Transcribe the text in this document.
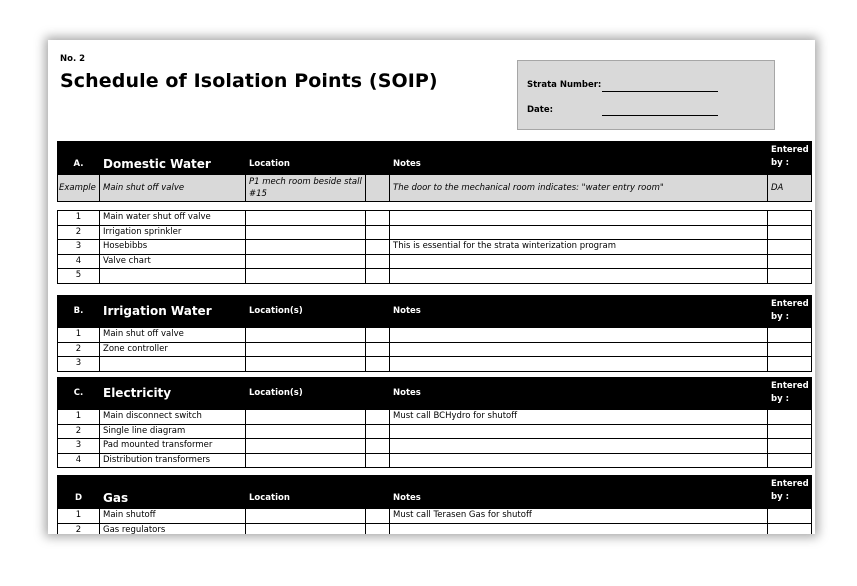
No. 2
Schedule of Isolation Points (SOIP)	Strata Number:
Date:
A.	Domestic Water	Location		Notes	Entered by :
Example	Main shut off valve	P1 mech room beside stall #15		The door to the mechanical room indicates: "water entry room"	DA

1	Main water shut off valve				
2	Irrigation sprinkler				
3	Hosebibbs			This is essential for the strata winterization program	
4	Valve chart				
5					
B.	Irrigation Water	Location(s)		Notes	Entered by :
1	Main shut off valve				
2	Zone controller				
3					
C.	Electricity	Location(s)		Notes	Entered by :
1	Main disconnect switch			Must call BCHydro for shutoff	
2	Single line diagram				
3	Pad mounted transformer				
4	Distribution transformers				
D	Gas	Location		Notes	Entered by :
1	Main shutoff			Must call Terasen Gas for shutoff	
2	Gas regulators				
